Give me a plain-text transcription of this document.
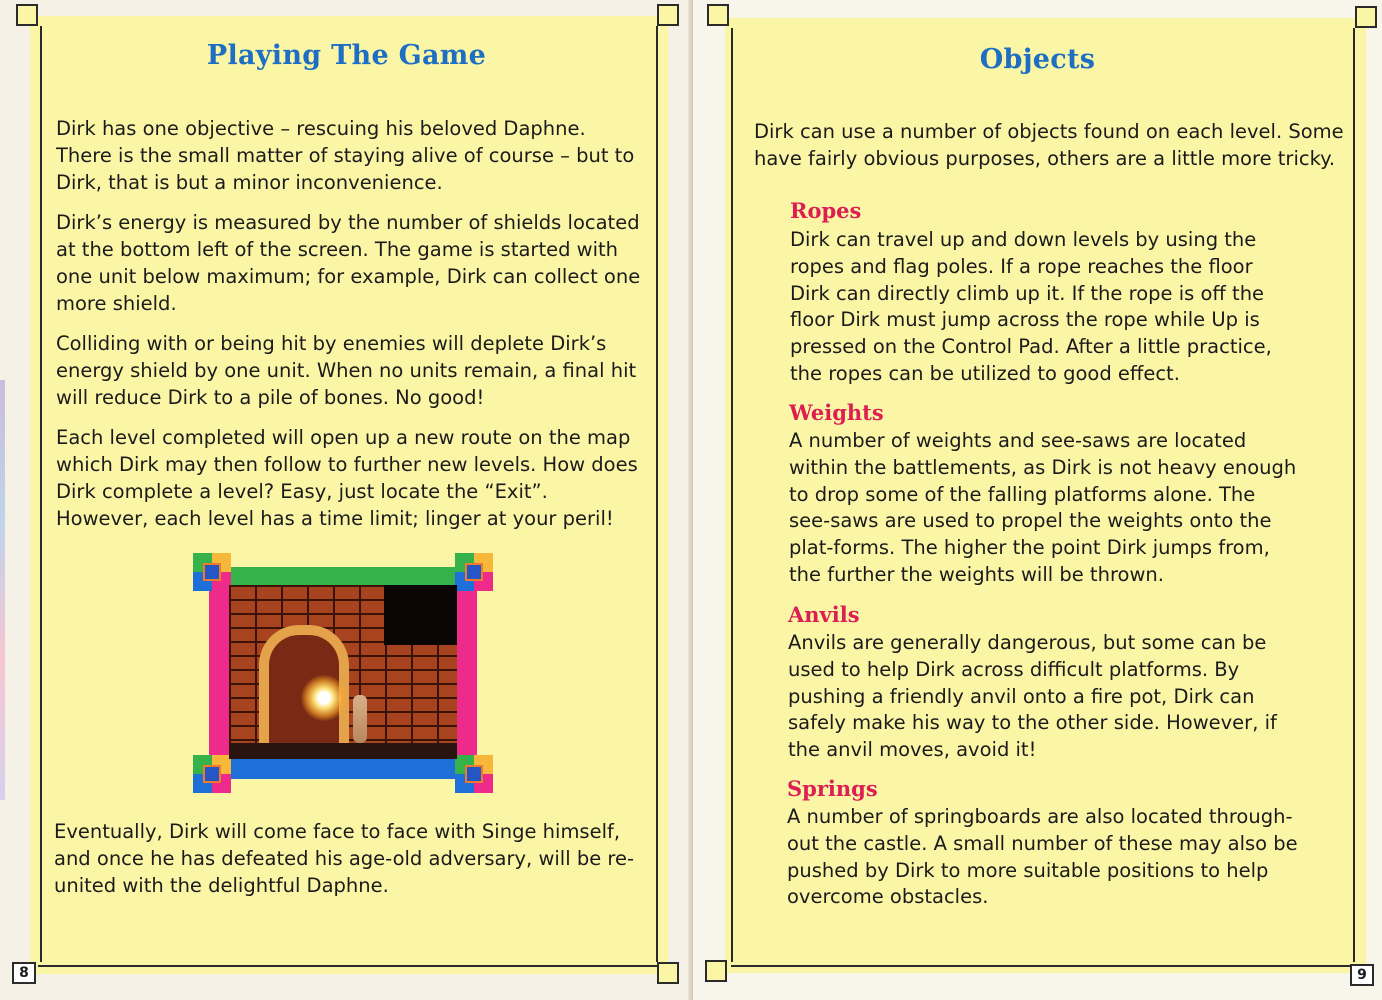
8
Playing The Game

Dirk has one objective – rescuing his beloved Daphne. There is the small matter of staying alive of course – but to Dirk, that is but a minor inconvenience.

Dirk’s energy is measured by the number of shields located at the bottom left of the screen. The game is started with one unit below maximum; for example, Dirk can collect one more shield.

Colliding with or being hit by enemies will deplete Dirk’s energy shield by one unit. When no units remain, a final hit will reduce Dirk to a pile of bones. No good!

Each level completed will open up a new route on the map which Dirk may then follow to further new levels. How does Dirk complete a level? Easy, just locate the “Exit”. However, each level has a time limit; linger at your peril!

Eventually, Dirk will come face to face with Singe himself, and once he has defeated his age-old adversary, will be re-united with the delightful Daphne.

9
Objects

Dirk can use a number of objects found on each level. Some have fairly obvious purposes, others are a little more tricky.

Ropes

Dirk can travel up and down levels by using the ropes and flag poles. If a rope reaches the floor Dirk can directly climb up it. If the rope is off the floor Dirk must jump across the rope while Up is pressed on the Control Pad. After a little practice, the ropes can be utilized to good effect.

Weights

A number of weights and see-saws are located within the battlements, as Dirk is not heavy enough to drop some of the falling platforms alone. The see-saws are used to propel the weights onto the plat-forms. The higher the point Dirk jumps from, the further the weights will be thrown.

Anvils

Anvils are generally dangerous, but some can be used to help Dirk across difficult platforms. By pushing a friendly anvil onto a fire pot, Dirk can safely make his way to the other side. However, if the anvil moves, avoid it!

Springs

A number of springboards are also located through-out the castle. A small number of these may also be pushed by Dirk to more suitable positions to help overcome obstacles.
